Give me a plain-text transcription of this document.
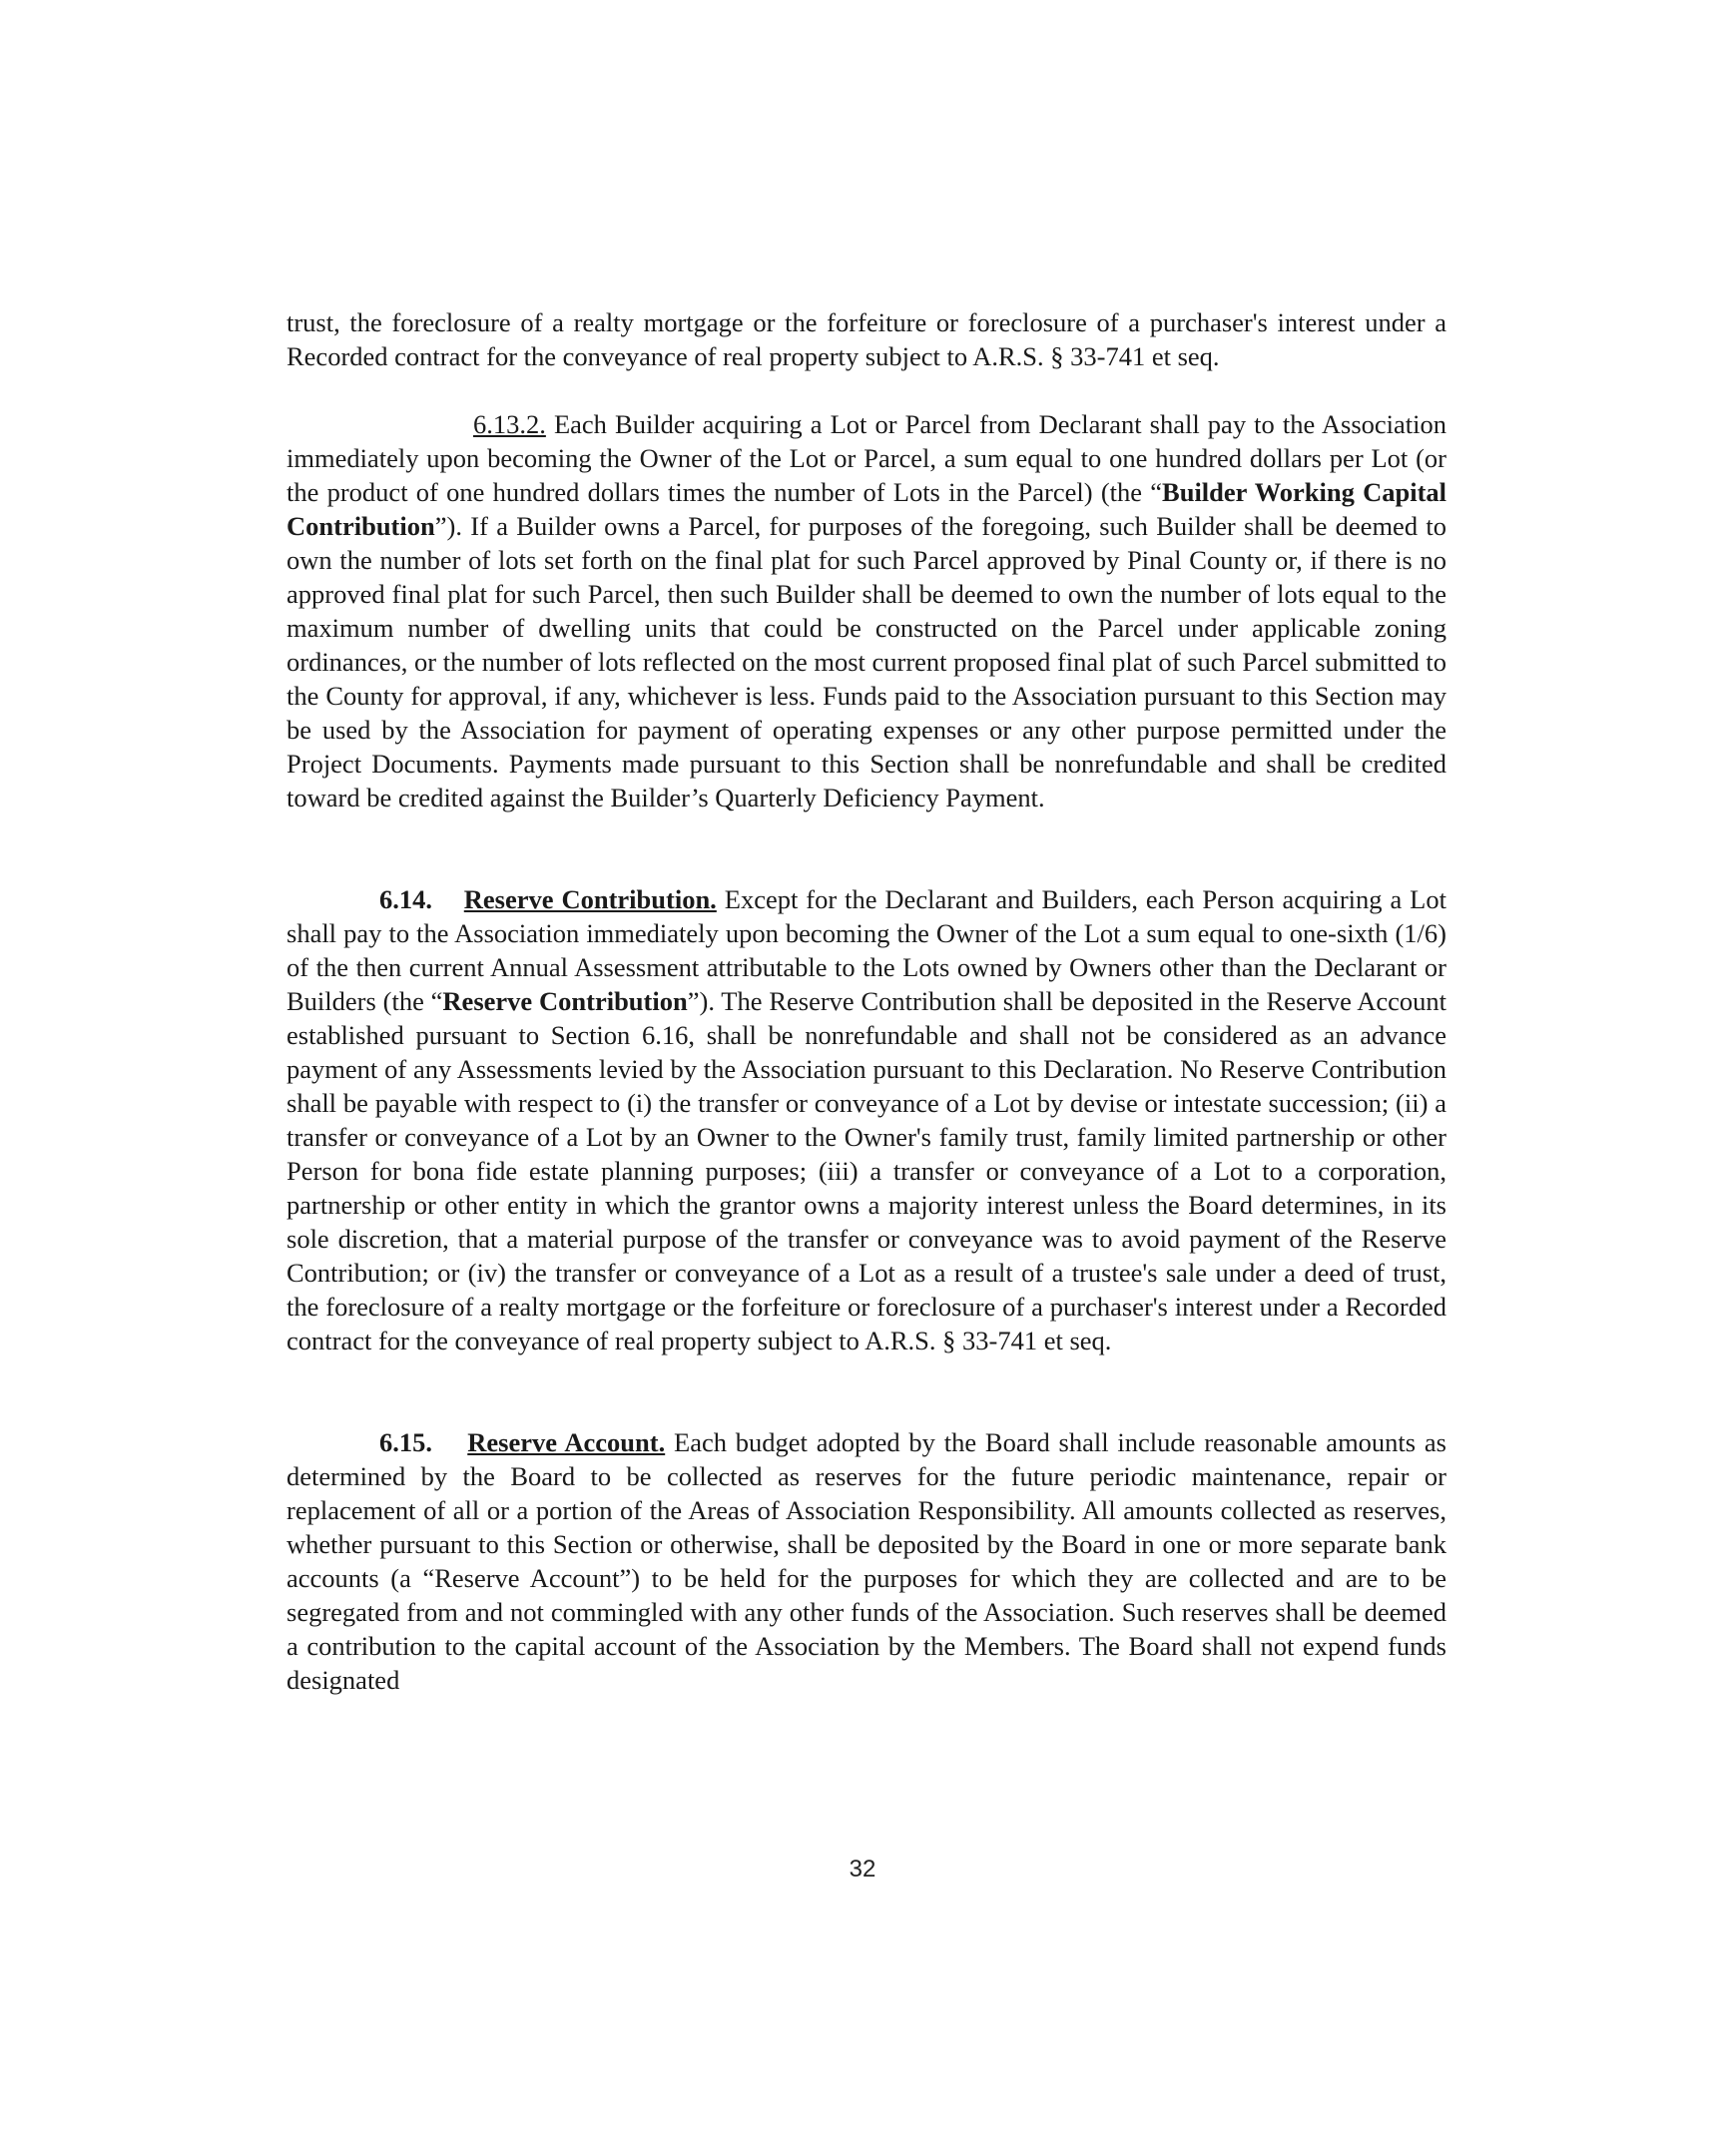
trust, the foreclosure of a realty mortgage or the forfeiture or foreclosure of a purchaser's interest under a Recorded contract for the conveyance of real property subject to A.R.S. § 33-741 et seq.

6.13.2. Each Builder acquiring a Lot or Parcel from Declarant shall pay to the Association immediately upon becoming the Owner of the Lot or Parcel, a sum equal to one hundred dollars per Lot (or the product of one hundred dollars times the number of Lots in the Parcel) (the “Builder Working Capital Contribution”). If a Builder owns a Parcel, for purposes of the foregoing, such Builder shall be deemed to own the number of lots set forth on the final plat for such Parcel approved by Pinal County or, if there is no approved final plat for such Parcel, then such Builder shall be deemed to own the number of lots equal to the maximum number of dwelling units that could be constructed on the Parcel under applicable zoning ordinances, or the number of lots reflected on the most current proposed final plat of such Parcel submitted to the County for approval, if any, whichever is less. Funds paid to the Association pursuant to this Section may be used by the Association for payment of operating expenses or any other purpose permitted under the Project Documents. Payments made pursuant to this Section shall be nonrefundable and shall be credited toward be credited against the Builder’s Quarterly Deficiency Payment.

6.14. Reserve Contribution. Except for the Declarant and Builders, each Person acquiring a Lot shall pay to the Association immediately upon becoming the Owner of the Lot a sum equal to one-sixth (1/6) of the then current Annual Assessment attributable to the Lots owned by Owners other than the Declarant or Builders (the “Reserve Contribution”). The Reserve Contribution shall be deposited in the Reserve Account established pursuant to Section 6.16, shall be nonrefundable and shall not be considered as an advance payment of any Assessments levied by the Association pursuant to this Declaration. No Reserve Contribution shall be payable with respect to (i) the transfer or conveyance of a Lot by devise or intestate succession; (ii) a transfer or conveyance of a Lot by an Owner to the Owner's family trust, family limited partnership or other Person for bona fide estate planning purposes; (iii) a transfer or conveyance of a Lot to a corporation, partnership or other entity in which the grantor owns a majority interest unless the Board determines, in its sole discretion, that a material purpose of the transfer or conveyance was to avoid payment of the Reserve Contribution; or (iv) the transfer or conveyance of a Lot as a result of a trustee's sale under a deed of trust, the foreclosure of a realty mortgage or the forfeiture or foreclosure of a purchaser's interest under a Recorded contract for the conveyance of real property subject to A.R.S. § 33-741 et seq.

6.15. Reserve Account. Each budget adopted by the Board shall include reasonable amounts as determined by the Board to be collected as reserves for the future periodic maintenance, repair or replacement of all or a portion of the Areas of Association Responsibility. All amounts collected as reserves, whether pursuant to this Section or otherwise, shall be deposited by the Board in one or more separate bank accounts (a “Reserve Account”) to be held for the purposes for which they are collected and are to be segregated from and not commingled with any other funds of the Association. Such reserves shall be deemed a contribution to the capital account of the Association by the Members. The Board shall not expend funds designated

32
